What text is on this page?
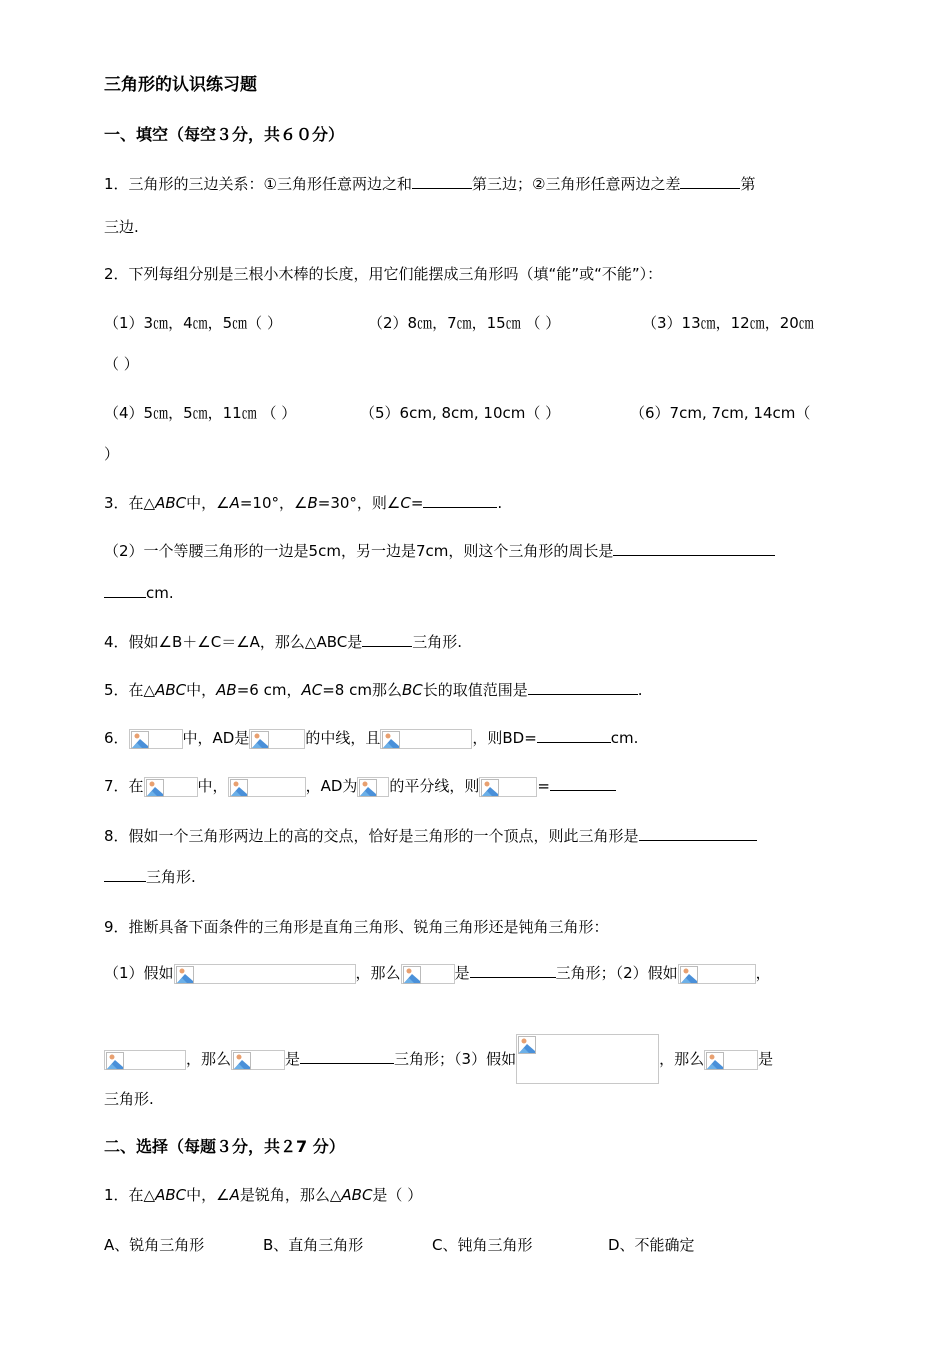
三角形的认识练习题
一、填空（每空３分，共６０分）
1．三角形的三边关系：①三角形任意两边之和	第三边；②三角形任意两边之差	第
三边.
2．下列每组分别是三根小木棒的长度，用它们能摆成三角形吗（填“能”或“不能”）：
（1）3㎝，4㎝，5㎝（ ）	（2）8㎝，7㎝，15㎝ （ ）	（3）13㎝，12㎝，20㎝
（ ）
（4）5㎝，5㎝，11㎝ （ ）	（5）6cm, 8cm, 10cm（ ）	（6）7cm, 7cm, 14cm（
）
3．在△ABC中，∠A=10°，∠B=30°，则∠C=	.
（2）一个等腰三角形的一边是5cm，另一边是7cm，则这个三角形的周长是
cm.
4．假如∠B＋∠C＝∠A，那么△ABC是	三角形.
5．在△ABC中，AB=6 cm，AC=8 cm那么BC长的取值范围是	.
6．	中，AD是	的中线，且	，则BD=	cm.
7．在	中，	，AD为 的平分线，则	=
8．假如一个三角形两边上的高的交点，恰好是三角形的一个顶点，则此三角形是
三角形.
9．推断具备下面条件的三角形是直角三角形、锐角三角形还是钝角三角形：
（1）假如	，那么	是	三角形；（2）假如	，
，那么	是	三角形；（3）假如	，那么	是
三角形.
二、选择（每题３分，共２7 分）
1．在△ABC中，∠A是锐角，那么△ABC是（ ）
A、锐角三角形	B、直角三角形	C、钝角三角形	D、不能确定
